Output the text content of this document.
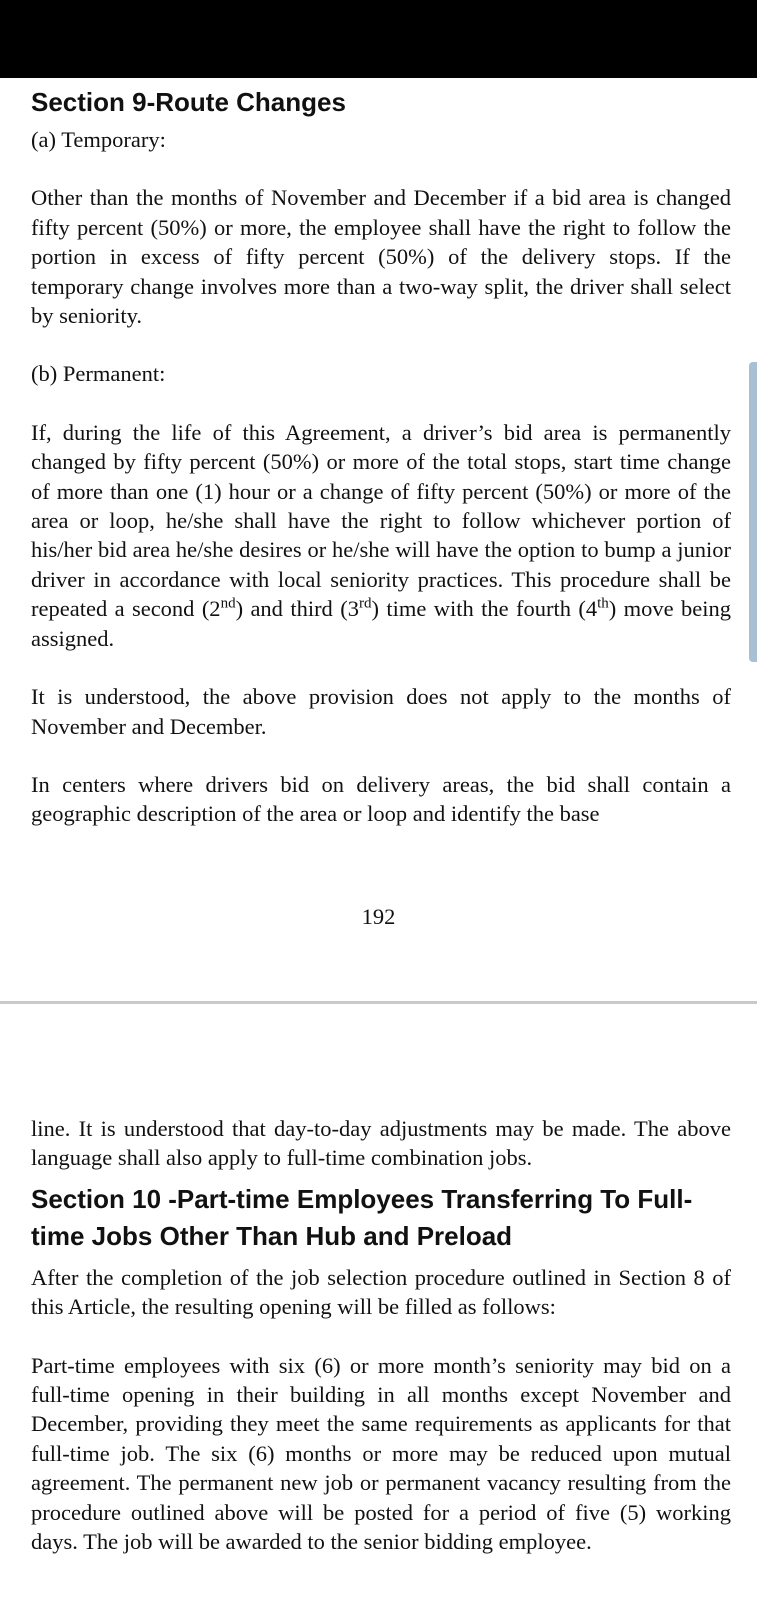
Section 9-Route Changes

(a) Temporary:

Other than the months of November and December if a bid area is changed fifty percent (50%) or more, the employee shall have the right to follow the portion in excess of fifty percent (50%) of the delivery stops. If the temporary change involves more than a two-way split, the driver shall select by seniority.

(b) Permanent:

If, during the life of this Agreement, a driver’s bid area is permanently changed by fifty percent (50%) or more of the total stops, start time change of more than one (1) hour or a change of fifty percent (50%) or more of the area or loop, he/she shall have the right to follow whichever portion of his/her bid area he/she desires or he/she will have the option to bump a junior driver in accordance with local seniority practices. This procedure shall be repeated a second (2nd) and third (3rd) time with the fourth (4th) move being assigned.

It is understood, the above provision does not apply to the months of November and December.

In centers where drivers bid on delivery areas, the bid shall contain a geographic description of the area or loop and identify the base

192

line. It is understood that day-to-day adjustments may be made. The above language shall also apply to full-time combination jobs.

Section 10 -Part-time Employees Transferring To Full-time Jobs Other Than Hub and Preload

After the completion of the job selection procedure outlined in Section 8 of this Article, the resulting opening will be filled as follows:

Part-time employees with six (6) or more month’s seniority may bid on a full-time opening in their building in all months except November and December, providing they meet the same requirements as applicants for that full-time job. The six (6) months or more may be reduced upon mutual agreement. The permanent new job or permanent vacancy resulting from the procedure outlined above will be posted for a period of five (5) working days. The job will be awarded to the senior bidding employee.
